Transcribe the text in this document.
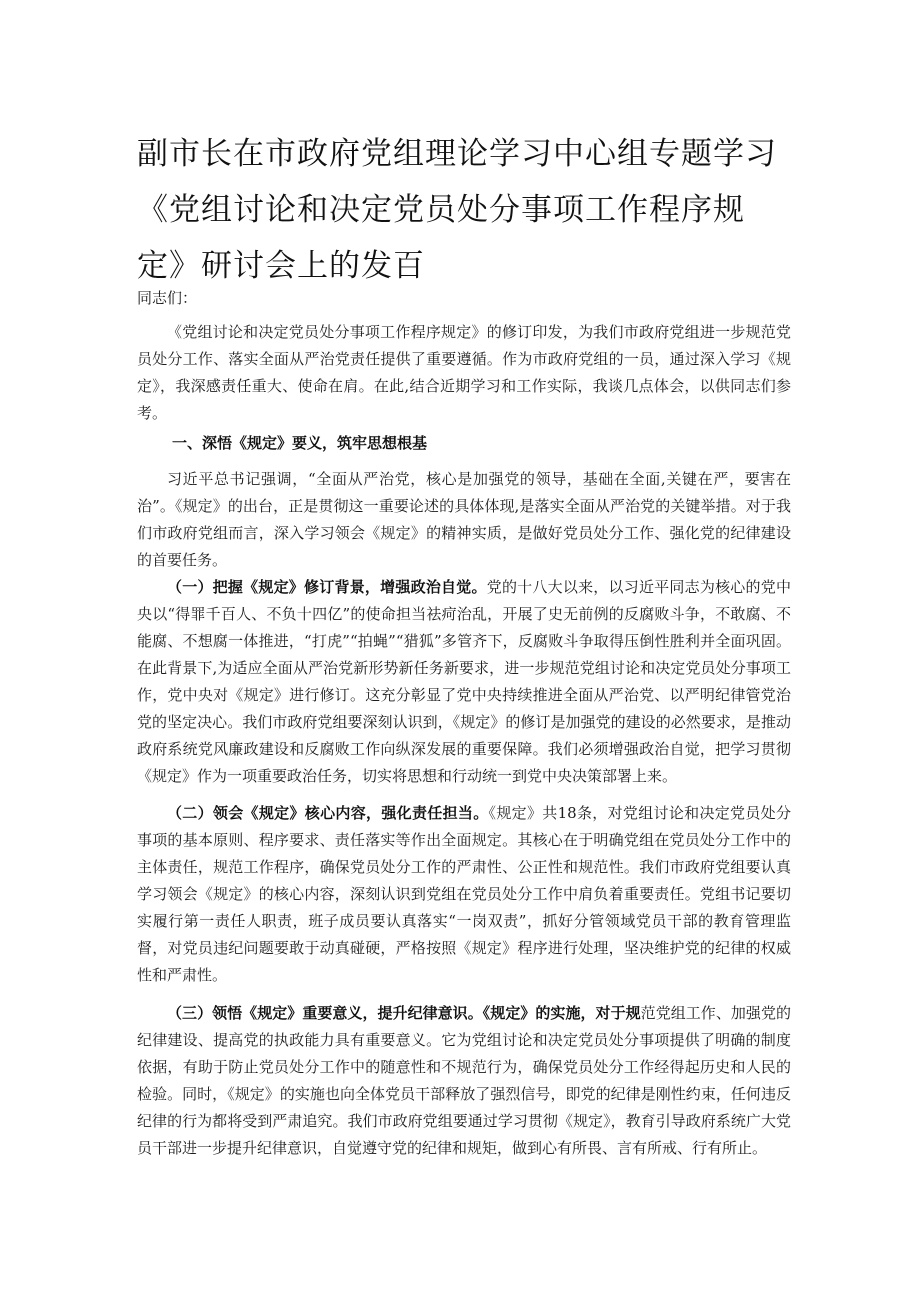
副市长在市政府党组理论学习中心组专题学习《党组讨论和决定党员处分事项工作程序规定》研讨会上的发百

同志们：

《党组讨论和决定党员处分事项工作程序规定》的修订印发，为我们市政府党组进一步规范党员处分工作、落实全面从严治党责任提供了重要遵循。作为市政府党组的一员，通过深入学习《规定》，我深感责任重大、使命在肩。在此,结合近期学习和工作实际，我谈几点体会，以供同志们参考。

一、深悟《规定》要义，筑牢思想根基

习近平总书记强调，“全面从严治党，核心是加强党的领导，基础在全面,关键在严，要害在治”。《规定》的出台，正是贯彻这一重要论述的具体体现,是落实全面从严治党的关键举措。对于我们市政府党组而言，深入学习领会《规定》的精神实质，是做好党员处分工作、强化党的纪律建设的首要任务。

（一）把握《规定》修订背景，增强政治自觉。党的十八大以来，以习近平同志为核心的党中央以“得罪千百人、不负十四亿”的使命担当祛疴治乱，开展了史无前例的反腐败斗争，不敢腐、不能腐、不想腐一体推进，“打虎”“拍蝇”“猎狐”多管齐下，反腐败斗争取得压倒性胜利并全面巩固。在此背景下,为适应全面从严治党新形势新任务新要求，进一步规范党组讨论和决定党员处分事项工作，党中央对《规定》进行修订。这充分彰显了党中央持续推进全面从严治党、以严明纪律管党治党的坚定决心。我们市政府党组要深刻认识到，《规定》的修订是加强党的建设的必然要求，是推动政府系统党风廉政建设和反腐败工作向纵深发展的重要保障。我们必须增强政治自觉，把学习贯彻《规定》作为一项重要政治任务，切实将思想和行动统一到党中央决策部署上来。

（二）领会《规定》核心内容，强化责任担当。《规定》共18条，对党组讨论和决定党员处分事项的基本原则、程序要求、责任落实等作出全面规定。其核心在于明确党组在党员处分工作中的主体责任，规范工作程序，确保党员处分工作的严肃性、公正性和规范性。我们市政府党组要认真学习领会《规定》的核心内容，深刻认识到党组在党员处分工作中肩负着重要责任。党组书记要切实履行第一责任人职责，班子成员要认真落实“一岗双责”，抓好分管领域党员干部的教育管理监督，对党员违纪问题要敢于动真碰硬，严格按照《规定》程序进行处理，坚决维护党的纪律的权威性和严肃性。

（三）领悟《规定》重要意义，提升纪律意识。《规定》的实施，对于规范党组工作、加强党的纪律建设、提高党的执政能力具有重要意义。它为党组讨论和决定党员处分事项提供了明确的制度依据，有助于防止党员处分工作中的随意性和不规范行为，确保党员处分工作经得起历史和人民的检验。同时，《规定》的实施也向全体党员干部释放了强烈信号，即党的纪律是刚性约束，任何违反纪律的行为都将受到严肃追究。我们市政府党组要通过学习贯彻《规定》，教育引导政府系统广大党员干部进一步提升纪律意识，自觉遵守党的纪律和规矩，做到心有所畏、言有所戒、行有所止。
